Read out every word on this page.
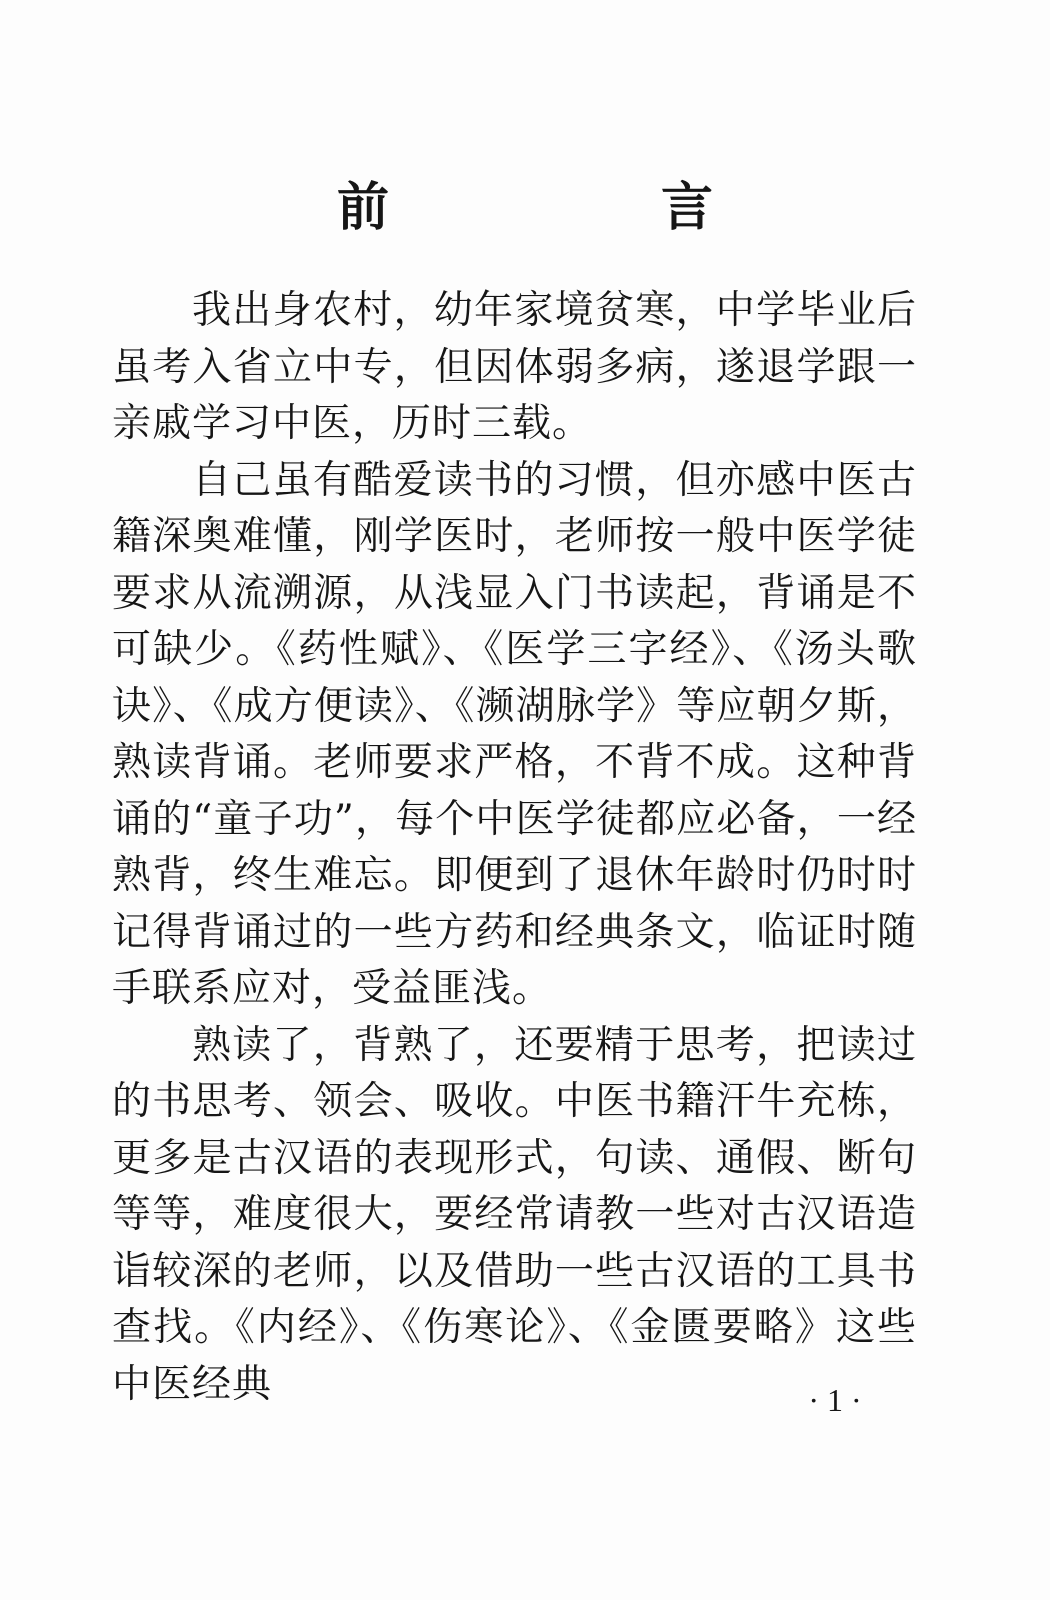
前　言

我出身农村，幼年家境贫寒，中学毕业后虽考入省立中专，但因体弱多病，遂退学跟一亲戚学习中医，历时三载。

自己虽有酷爱读书的习惯，但亦感中医古籍深奥难懂，刚学医时，老师按一般中医学徒要求从流溯源，从浅显入门书读起，背诵是不可缺少。《药性赋》、《医学三字经》、《汤头歌诀》、《成方便读》、《濒湖脉学》等应朝夕斯，熟读背诵。老师要求严格，不背不成。这种背诵的“童子功”，每个中医学徒都应必备，一经熟背，终生难忘。即便到了退休年龄时仍时时记得背诵过的一些方药和经典条文，临证时随手联系应对，受益匪浅。

熟读了，背熟了，还要精于思考，把读过的书思考、领会、吸收。中医书籍汗牛充栋，更多是古汉语的表现形式，句读、通假、断句等等，难度很大，要经常请教一些对古汉语造诣较深的老师，以及借助一些古汉语的工具书查找。《内经》、《伤寒论》、《金匮要略》这些中医经典	· 1 ·
